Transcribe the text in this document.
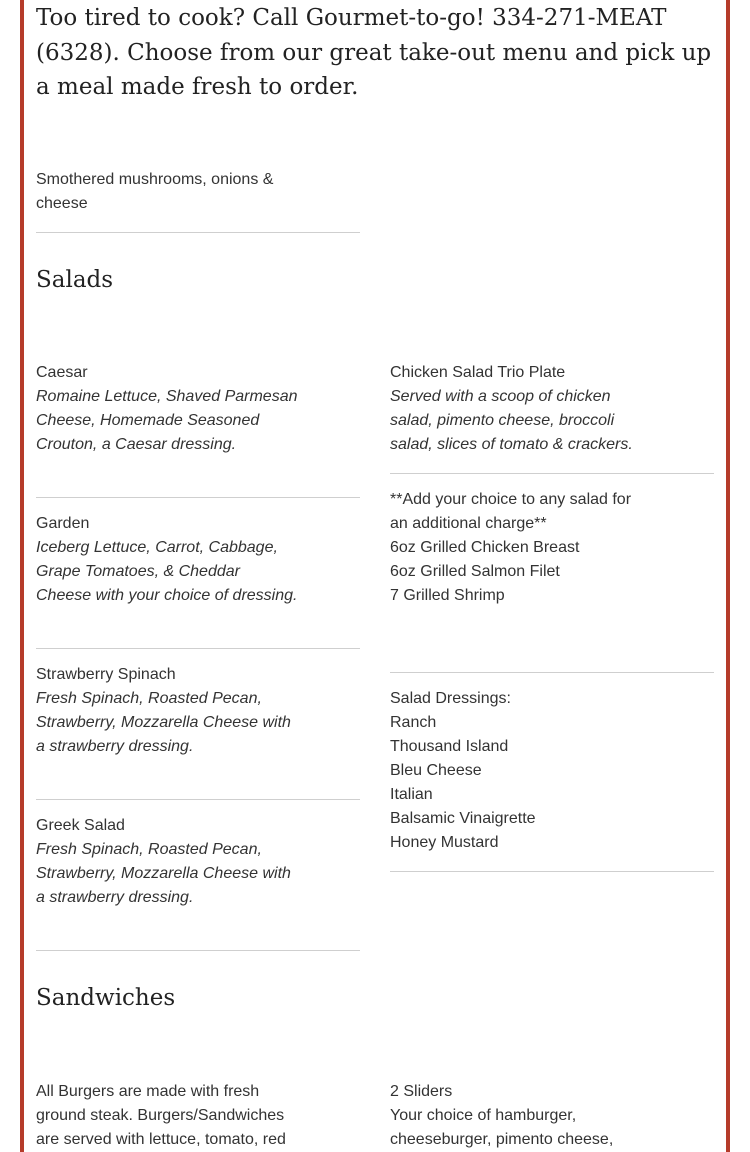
Too tired to cook? Call Gourmet-to-go! 334-271-MEAT (6328). Choose from our great take-out menu and pick up a meal made fresh to order.

Smothered mushrooms, onions & cheese

Salads

Caesar

Romaine Lettuce, Shaved Parmesan Cheese, Homemade Seasoned Crouton, a Caesar dressing.

Garden

Iceberg Lettuce, Carrot, Cabbage, Grape Tomatoes, & Cheddar Cheese with your choice of dressing.

Strawberry Spinach

Fresh Spinach, Roasted Pecan, Strawberry, Mozzarella Cheese with a strawberry dressing.

Greek Salad

Fresh Spinach, Roasted Pecan, Strawberry, Mozzarella Cheese with a strawberry dressing.

Chicken Salad Trio Plate

Served with a scoop of chicken salad, pimento cheese, broccoli salad, slices of tomato & crackers.

**Add your choice to any salad for an additional charge**

6oz Grilled Chicken Breast

6oz Grilled Salmon Filet

7 Grilled Shrimp

Salad Dressings:

Ranch

Thousand Island

Bleu Cheese

Italian

Balsamic Vinaigrette

Honey Mustard

Sandwiches

All Burgers are made with fresh ground steak. Burgers/Sandwiches are served with lettuce, tomato, red

2 Sliders

Your choice of hamburger, cheeseburger, pimento cheese,
